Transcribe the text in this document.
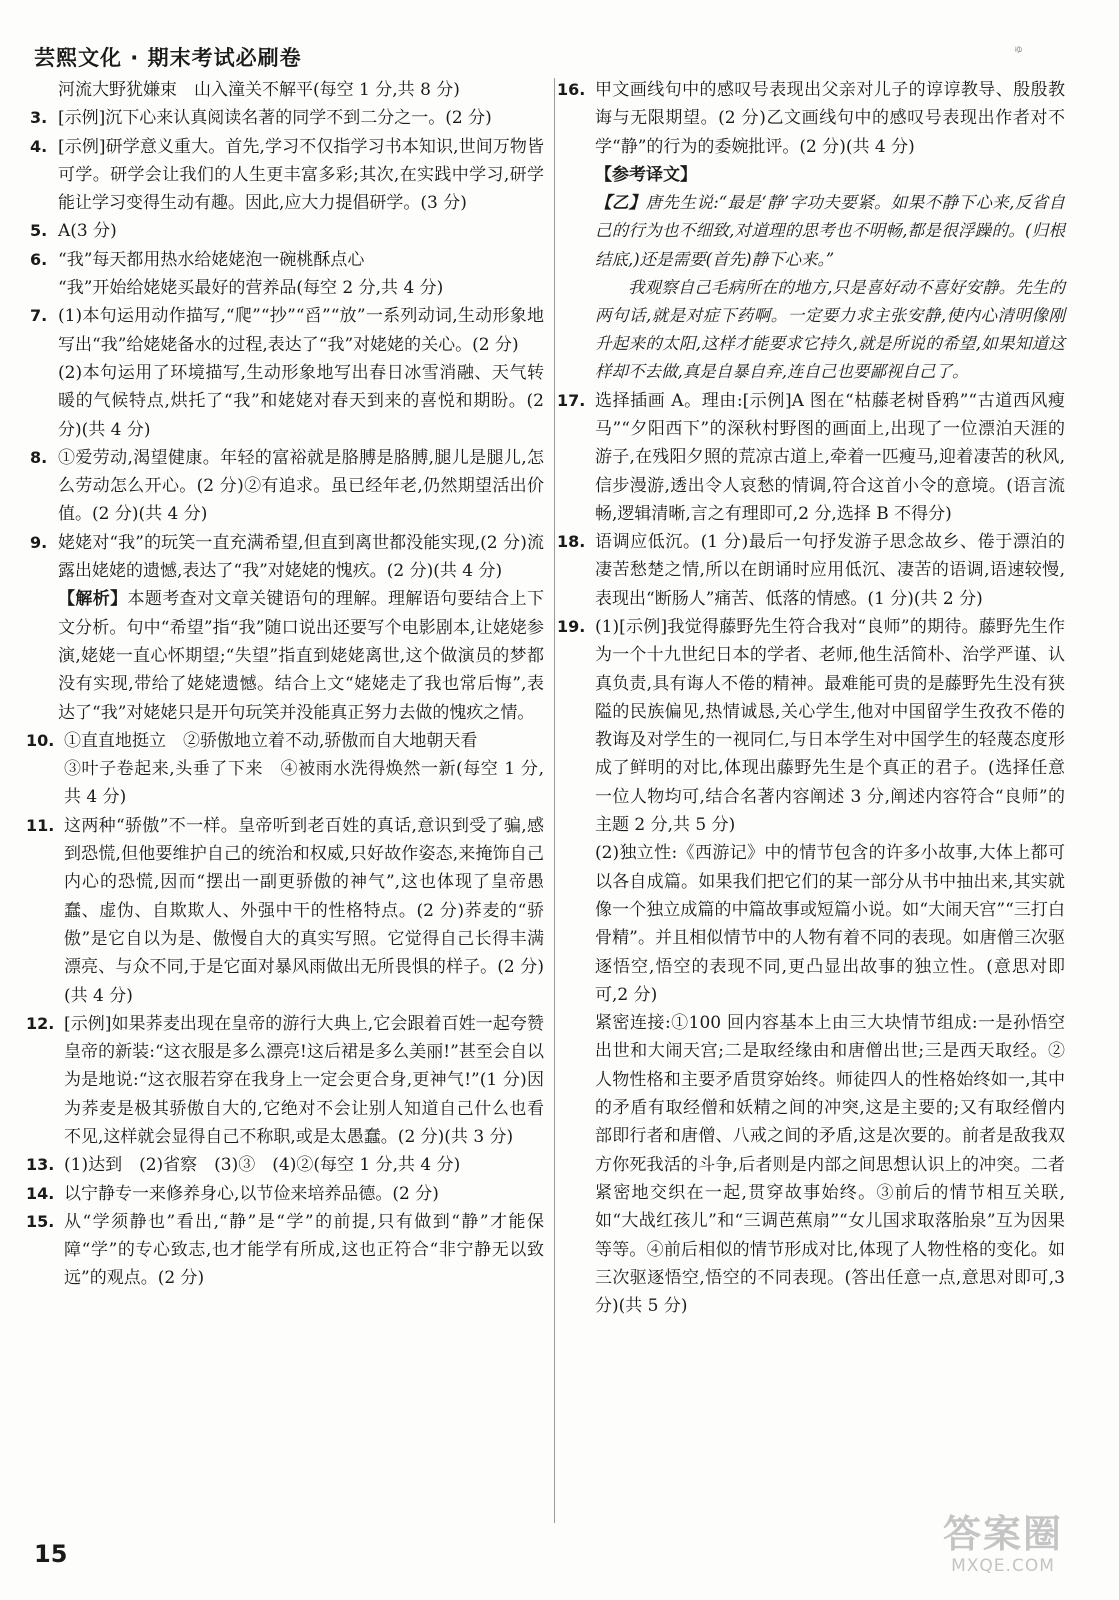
芸熙文化 · 期末考试必刷卷	ゅ
河流大野犹嫌束　山入潼关不解平(每空 1 分,共 8 分)
3. [示例]沉下心来认真阅读名著的同学不到二分之一。(2 分)
4. [示例]研学意义重大。首先,学习不仅指学习书本知识,世间万物皆可学。研学会让我们的人生更丰富多彩;其次,在实践中学习,研学能让学习变得生动有趣。因此,应大力提倡研学。(3 分)
5. A(3 分)
6. “我”每天都用热水给姥姥泡一碗桃酥点心
“我”开始给姥姥买最好的营养品(每空 2 分,共 4 分)
7. (1)本句运用动作描写,“爬”“抄”“舀”“放”一系列动词,生动形象地写出“我”给姥姥备水的过程,表达了“我”对姥姥的关心。(2 分)
(2)本句运用了环境描写,生动形象地写出春日冰雪消融、天气转暖的气候特点,烘托了“我”和姥姥对春天到来的喜悦和期盼。(2 分)(共 4 分)
8. ①爱劳动,渴望健康。年轻的富裕就是胳膊是胳膊,腿儿是腿儿,怎么劳动怎么开心。(2 分)②有追求。虽已经年老,仍然期望活出价值。(2 分)(共 4 分)
9. 姥姥对“我”的玩笑一直充满希望,但直到离世都没能实现,(2 分)流露出姥姥的遗憾,表达了“我”对姥姥的愧疚。(2 分)(共 4 分)
【解析】本题考查对文章关键语句的理解。理解语句要结合上下文分析。句中“希望”指“我”随口说出还要写个电影剧本,让姥姥参演,姥姥一直心怀期望;“失望”指直到姥姥离世,这个做演员的梦都没有实现,带给了姥姥遗憾。结合上文“姥姥走了我也常后悔”,表达了“我”对姥姥只是开句玩笑并没能真正努力去做的愧疚之情。
10. ①直直地挺立　②骄傲地立着不动,骄傲而自大地朝天看
③叶子卷起来,头垂了下来　④被雨水洗得焕然一新(每空 1 分,共 4 分)
11. 这两种“骄傲”不一样。皇帝听到老百姓的真话,意识到受了骗,感到恐慌,但他要维护自己的统治和权威,只好故作姿态,来掩饰自己内心的恐慌,因而“摆出一副更骄傲的神气”,这也体现了皇帝愚蠢、虚伪、自欺欺人、外强中干的性格特点。(2 分)荞麦的“骄傲”是它自以为是、傲慢自大的真实写照。它觉得自己长得丰满漂亮、与众不同,于是它面对暴风雨做出无所畏惧的样子。(2 分)(共 4 分)
12. [示例]如果荞麦出现在皇帝的游行大典上,它会跟着百姓一起夸赞皇帝的新装:“这衣服是多么漂亮!这后裙是多么美丽!”甚至会自以为是地说:“这衣服若穿在我身上一定会更合身,更神气!”(1 分)因为荞麦是极其骄傲自大的,它绝对不会让别人知道自己什么也看不见,这样就会显得自己不称职,或是太愚蠢。(2 分)(共 3 分)
13. (1)达到　(2)省察　(3)③　(4)②(每空 1 分,共 4 分)
14. 以宁静专一来修养身心,以节俭来培养品德。(2 分)
15. 从“学须静也”看出,“静”是“学”的前提,只有做到“静”才能保障“学”的专心致志,也才能学有所成,这也正符合“非宁静无以致远”的观点。(2 分)
16. 甲文画线句中的感叹号表现出父亲对儿子的谆谆教导、殷殷教诲与无限期望。(2 分)乙文画线句中的感叹号表现出作者对不学“静”的行为的委婉批评。(2 分)(共 4 分)
【参考译文】
【乙】唐先生说:“最是‘静’字功夫要紧。如果不静下心来,反省自己的行为也不细致,对道理的思考也不明畅,都是很浮躁的。(归根结底,)还是需要(首先)静下心来。”
我观察自己毛病所在的地方,只是喜好动不喜好安静。先生的两句话,就是对症下药啊。一定要力求主张安静,使内心清明像刚升起来的太阳,这样才能要求它持久,就是所说的希望,如果知道这样却不去做,真是自暴自弃,连自己也要鄙视自己了。
17. 选择插画 A。理由:[示例]A 图在“枯藤老树昏鸦”“古道西风瘦马”“夕阳西下”的深秋村野图的画面上,出现了一位漂泊天涯的游子,在残阳夕照的荒凉古道上,牵着一匹瘦马,迎着凄苦的秋风,信步漫游,透出令人哀愁的情调,符合这首小令的意境。(语言流畅,逻辑清晰,言之有理即可,2 分,选择 B 不得分)
18. 语调应低沉。(1 分)最后一句抒发游子思念故乡、倦于漂泊的凄苦愁楚之情,所以在朗诵时应用低沉、凄苦的语调,语速较慢,表现出“断肠人”痛苦、低落的情感。(1 分)(共 2 分)
19. (1)[示例]我觉得藤野先生符合我对“良师”的期待。藤野先生作为一个十九世纪日本的学者、老师,他生活简朴、治学严谨、认真负责,具有诲人不倦的精神。最难能可贵的是藤野先生没有狭隘的民族偏见,热情诚恳,关心学生,他对中国留学生孜孜不倦的教诲及对学生的一视同仁,与日本学生对中国学生的轻蔑态度形成了鲜明的对比,体现出藤野先生是个真正的君子。(选择任意一位人物均可,结合名著内容阐述 3 分,阐述内容符合“良师”的主题 2 分,共 5 分)
(2)独立性:《西游记》中的情节包含的许多小故事,大体上都可以各自成篇。如果我们把它们的某一部分从书中抽出来,其实就像一个独立成篇的中篇故事或短篇小说。如“大闹天宫”“三打白骨精”。并且相似情节中的人物有着不同的表现。如唐僧三次驱逐悟空,悟空的表现不同,更凸显出故事的独立性。(意思对即可,2 分)
紧密连接:①100 回内容基本上由三大块情节组成:一是孙悟空出世和大闹天宫;二是取经缘由和唐僧出世;三是西天取经。②人物性格和主要矛盾贯穿始终。师徒四人的性格始终如一,其中的矛盾有取经僧和妖精之间的冲突,这是主要的;又有取经僧内部即行者和唐僧、八戒之间的矛盾,这是次要的。前者是敌我双方你死我活的斗争,后者则是内部之间思想认识上的冲突。二者紧密地交织在一起,贯穿故事始终。③前后的情节相互关联,如“大战红孩儿”和“三调芭蕉扇”“女儿国求取落胎泉”互为因果等等。④前后相似的情节形成对比,体现了人物性格的变化。如三次驱逐悟空,悟空的不同表现。(答出任意一点,意思对即可,3 分)(共 5 分)
15	答案圈
MXQE.COM
